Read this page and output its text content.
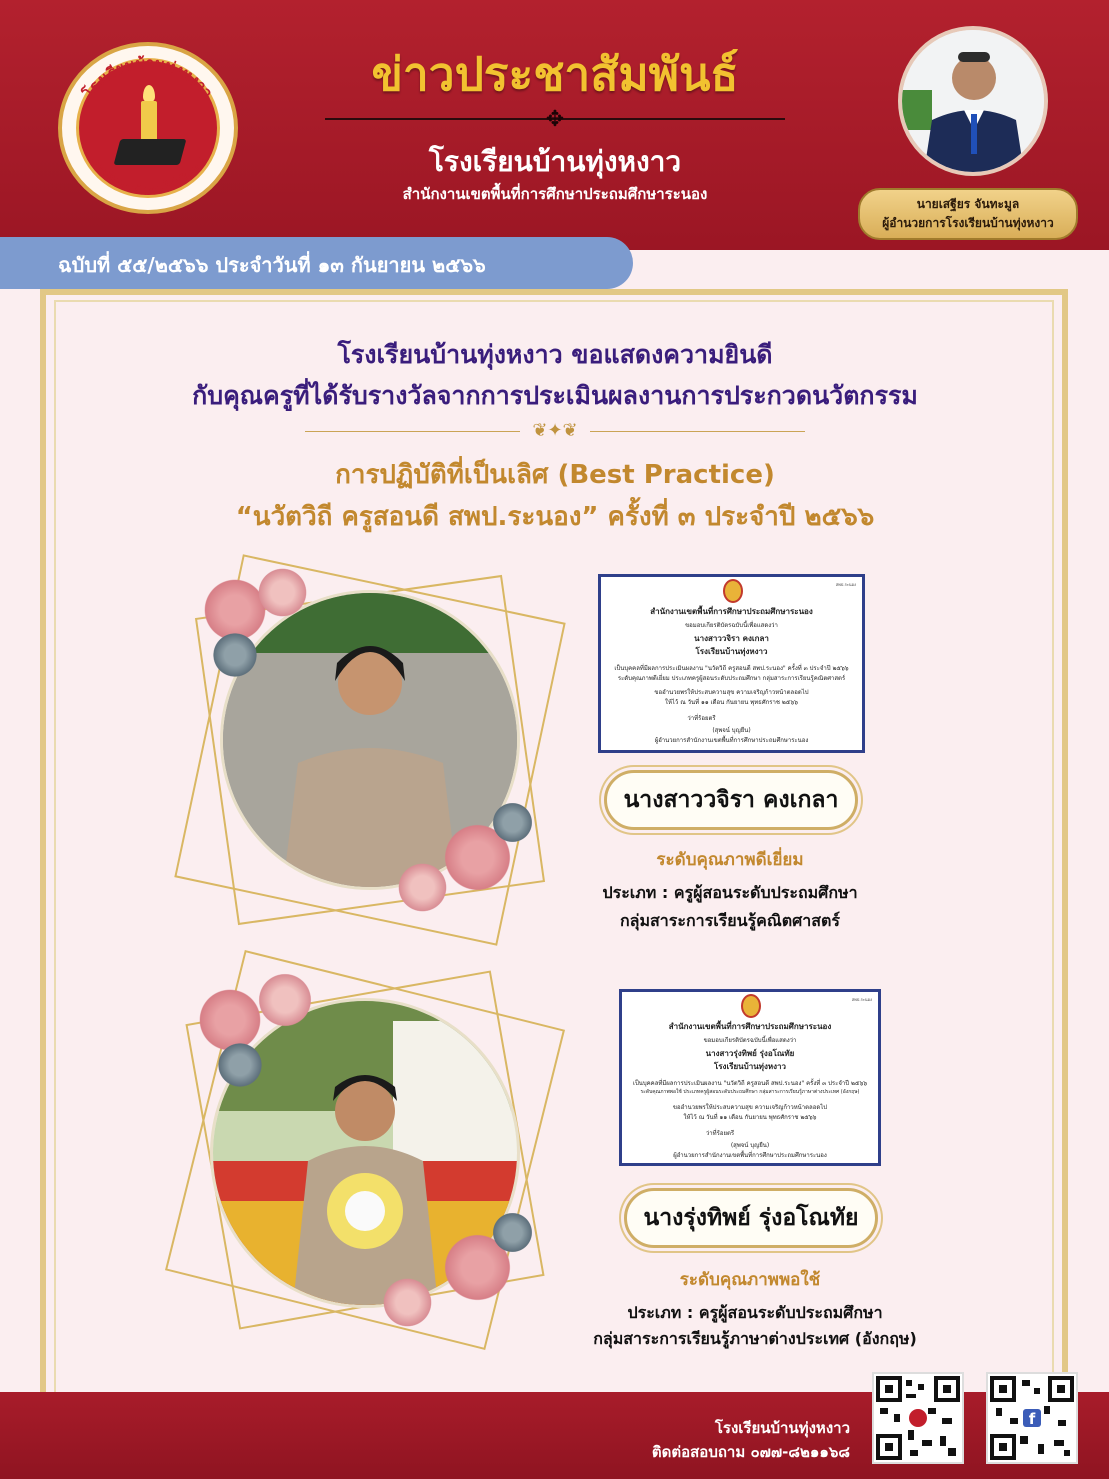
โรงเรียนบ้านทุ่งหงาว
การศึกษาทำคนให้เป็นคน
ข่าวประชาสัมพันธ์
✥
โรงเรียนบ้านทุ่งหงาว
สำนักงานเขตพื้นที่การศึกษาประถมศึกษาระนอง
นายเสฐียร จันทะมูล
ผู้อำนวยการโรงเรียนบ้านทุ่งหงาว
ฉบับที่ ๕๕/๒๕๖๖ ประจำวันที่ ๑๓ กันยายน ๒๕๖๖
โรงเรียนบ้านทุ่งหงาว ขอแสดงความยินดี
กับคุณครูที่ได้รับรางวัลจากการประเมินผลงานการประกวดนวัตกรรม
❦✦❦
การปฏิบัติที่เป็นเลิศ (Best Practice)
“นวัตวิถี ครูสอนดี สพป.ระนอง” ครั้งที่ ๓ ประจำปี ๒๕๖๖
สพป.ระนอง
สำนักงานเขตพื้นที่การศึกษาประถมศึกษาระนอง
ขอมอบเกียรติบัตรฉบับนี้เพื่อแสดงว่า
นางสาววจิรา คงเกลา
โรงเรียนบ้านทุ่งหงาว
เป็นบุคคลที่มีผลการประเมินผลงาน "นวัตวิถี ครูสอนดี สพป.ระนอง" ครั้งที่ ๓ ประจำปี ๒๕๖๖
ระดับคุณภาพดีเยี่ยม ประเภทครูผู้สอนระดับประถมศึกษา กลุ่มสาระการเรียนรู้คณิตศาสตร์
ขออำนวยพรให้ประสบความสุข ความเจริญก้าวหน้าตลอดไป
ให้ไว้ ณ วันที่ ๑๑ เดือน กันยายน พุทธศักราช ๒๕๖๖
ว่าที่ร้อยตรี
(สุพจน์ บุญยืน)
ผู้อำนวยการสำนักงานเขตพื้นที่การศึกษาประถมศึกษาระนอง
นางสาววจิรา คงเกลา
ระดับคุณภาพดีเยี่ยม
ประเภท : ครูผู้สอนระดับประถมศึกษา
กลุ่มสาระการเรียนรู้คณิตศาสตร์
สพป.ระนอง
สำนักงานเขตพื้นที่การศึกษาประถมศึกษาระนอง
ขอมอบเกียรติบัตรฉบับนี้เพื่อแสดงว่า
นางสาวรุ่งทิพย์ รุ่งอโณทัย
โรงเรียนบ้านทุ่งหงาว
เป็นบุคคลที่มีผลการประเมินผลงาน "นวัตวิถี ครูสอนดี สพป.ระนอง" ครั้งที่ ๓ ประจำปี ๒๕๖๖
ระดับคุณภาพพอใช้ ประเภทครูผู้สอนระดับประถมศึกษา กลุ่มสาระการเรียนรู้ภาษาต่างประเทศ (อังกฤษ)
ขออำนวยพรให้ประสบความสุข ความเจริญก้าวหน้าตลอดไป
ให้ไว้ ณ วันที่ ๑๑ เดือน กันยายน พุทธศักราช ๒๕๖๖
ว่าที่ร้อยตรี
(สุพจน์ บุญยืน)
ผู้อำนวยการสำนักงานเขตพื้นที่การศึกษาประถมศึกษาระนอง
นางรุ่งทิพย์ รุ่งอโณทัย
ระดับคุณภาพพอใช้
ประเภท : ครูผู้สอนระดับประถมศึกษา
กลุ่มสาระการเรียนรู้ภาษาต่างประเทศ (อังกฤษ)
โรงเรียนบ้านทุ่งหงาว
ติดต่อสอบถาม ๐๗๗-๘๒๑๑๖๘
f
